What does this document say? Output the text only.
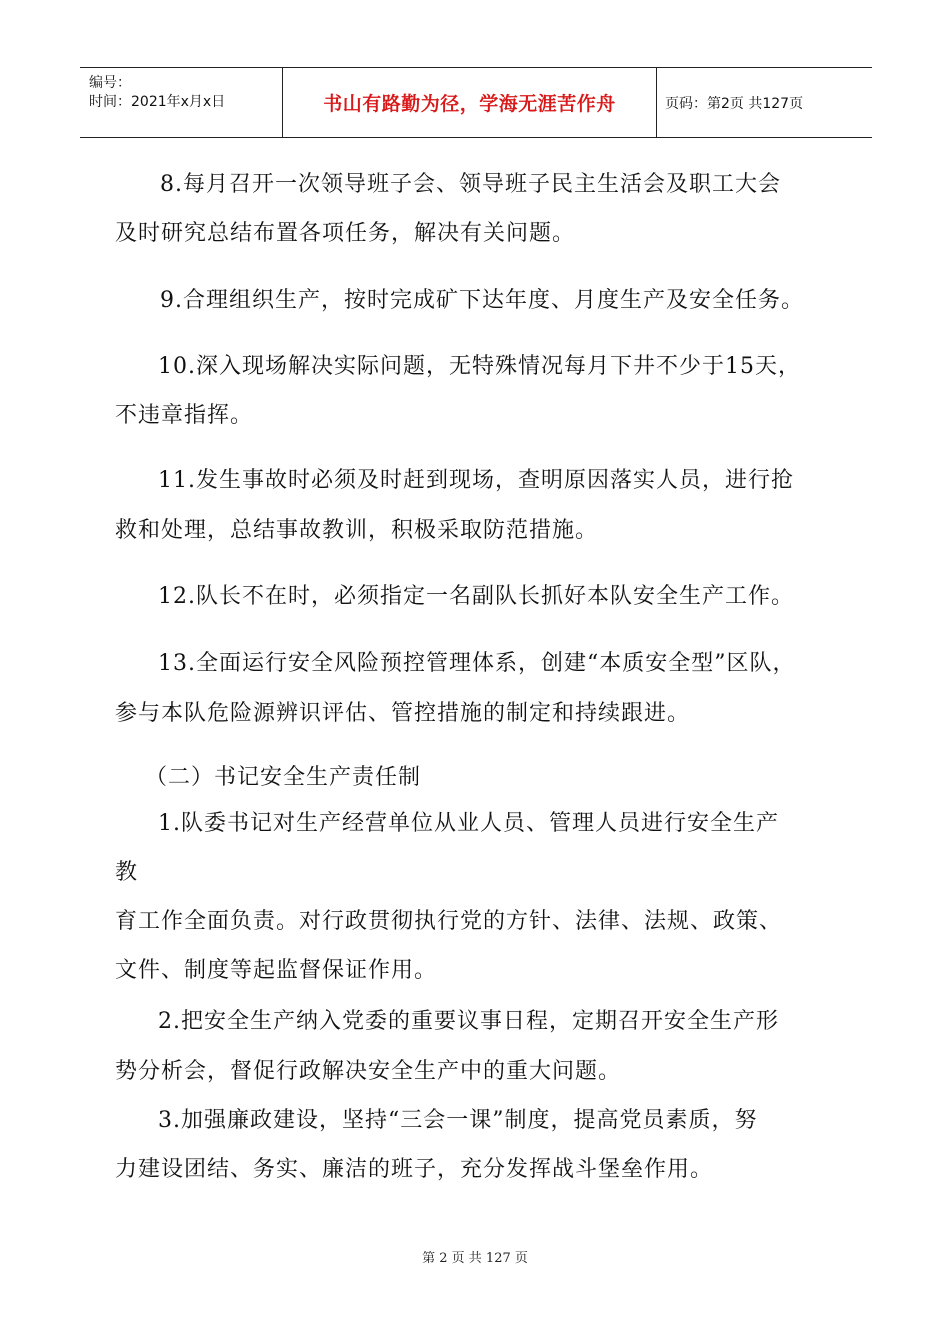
编号：
时间：2021年x月x日	书山有路勤为径，学海无涯苦作舟	页码：第2页 共127页

8.每月召开一次领导班子会、领导班子民主生活会及职工大会

及时研究总结布置各项任务，解决有关问题。

9.合理组织生产，按时完成矿下达年度、月度生产及安全任务。

10.深入现场解决实际问题，无特殊情况每月下井不少于15天，

不违章指挥。

11.发生事故时必须及时赶到现场，查明原因落实人员，进行抢

救和处理，总结事故教训，积极采取防范措施。

12.队长不在时，必须指定一名副队长抓好本队安全生产工作。

13.全面运行安全风险预控管理体系，创建“本质安全型”区队，

参与本队危险源辨识评估、管控措施的制定和持续跟进。

（二）书记安全生产责任制

1.队委书记对生产经营单位从业人员、管理人员进行安全生产

教

育工作全面负责。对行政贯彻执行党的方针、法律、法规、政策、

文件、制度等起监督保证作用。

2.把安全生产纳入党委的重要议事日程，定期召开安全生产形

势分析会，督促行政解决安全生产中的重大问题。

3.加强廉政建设，坚持“三会一课”制度，提高党员素质，努

力建设团结、务实、廉洁的班子，充分发挥战斗堡垒作用。

第 2 页 共 127 页
